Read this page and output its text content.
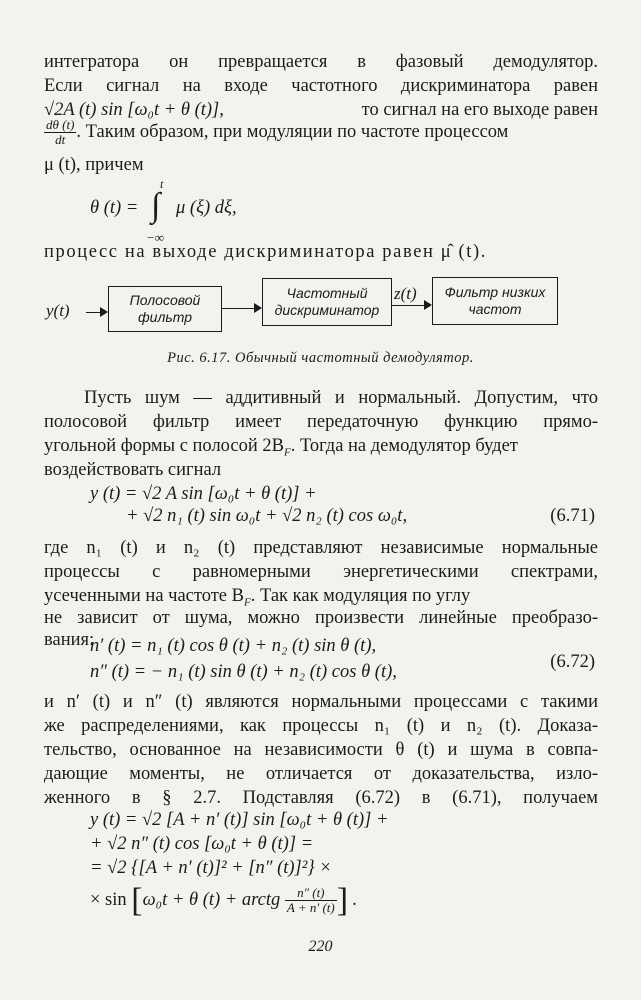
интегратора он превращается в фазовый демодулятор.
Если сигнал на входе частотного дискриминатора равен
√2A (t) sin [ω₀t + θ (t)],	то сигнал на его выходе равен
$\frac{d\theta (t)}{dt}$ . Таким образом, при модуляции по частоте процессом
μ (t), причем
θ (t) =
t
∫
−∞
μ (ξ) dξ,
процесс на выходе дискриминатора равен μ̂ (t).
y(t)
Полосовой
фильтр
Частотный
дискриминатор
z(t) Фильтр низких
частот
Рис. 6.17. Обычный частотный демодулятор.
Пусть шум — аддитивный и нормальный. Допустим, что
полосовой фильтр имеет передаточную функцию прямо-
угольной формы с полосой $2B_F$. Тогда на демодулятор будет
воздействовать сигнал
y (t) = √2 A sin [ω₀t + θ (t)] +
+ √2 n₁ (t) sin ω₀t + √2 n₂ (t) cos ω₀t,	(6.71)
где n₁ (t) и n₂ (t) представляют независимые нормальные
процессы с равномерными энергетическими спектрами,
усеченными на частоте $B_F$. Так как модуляция по углу
не зависит от шума, можно произвести линейные преобразо-
вания:
n′ (t) = n₁ (t) cos θ (t) + n₂ (t) sin θ (t),
n″ (t) = − n₁ (t) sin θ (t) + n₂ (t) cos θ (t),	(6.72)
и n′ (t) и n″ (t) являются нормальными процессами с такими
же распределениями, как процессы n₁ (t) и n₂ (t). Доказа-
тельство, основанное на независимости θ (t) и шума в совпа-
дающие моменты, не отличается от доказательства, изло-
женного в § 2.7. Подставляя (6.72) в (6.71), получаем
y (t) = √2 [A + n′ (t)] sin [ω₀t + θ (t)] +
+ √2 n″ (t) cos [ω₀t + θ (t)] =
= √2 {[A + n′ (t)]² + [n″ (t)]²} ×
× sin [ω₀t + θ (t) + arctg $\frac{n'' (t)}{A + n' (t)}$ ] .
220
